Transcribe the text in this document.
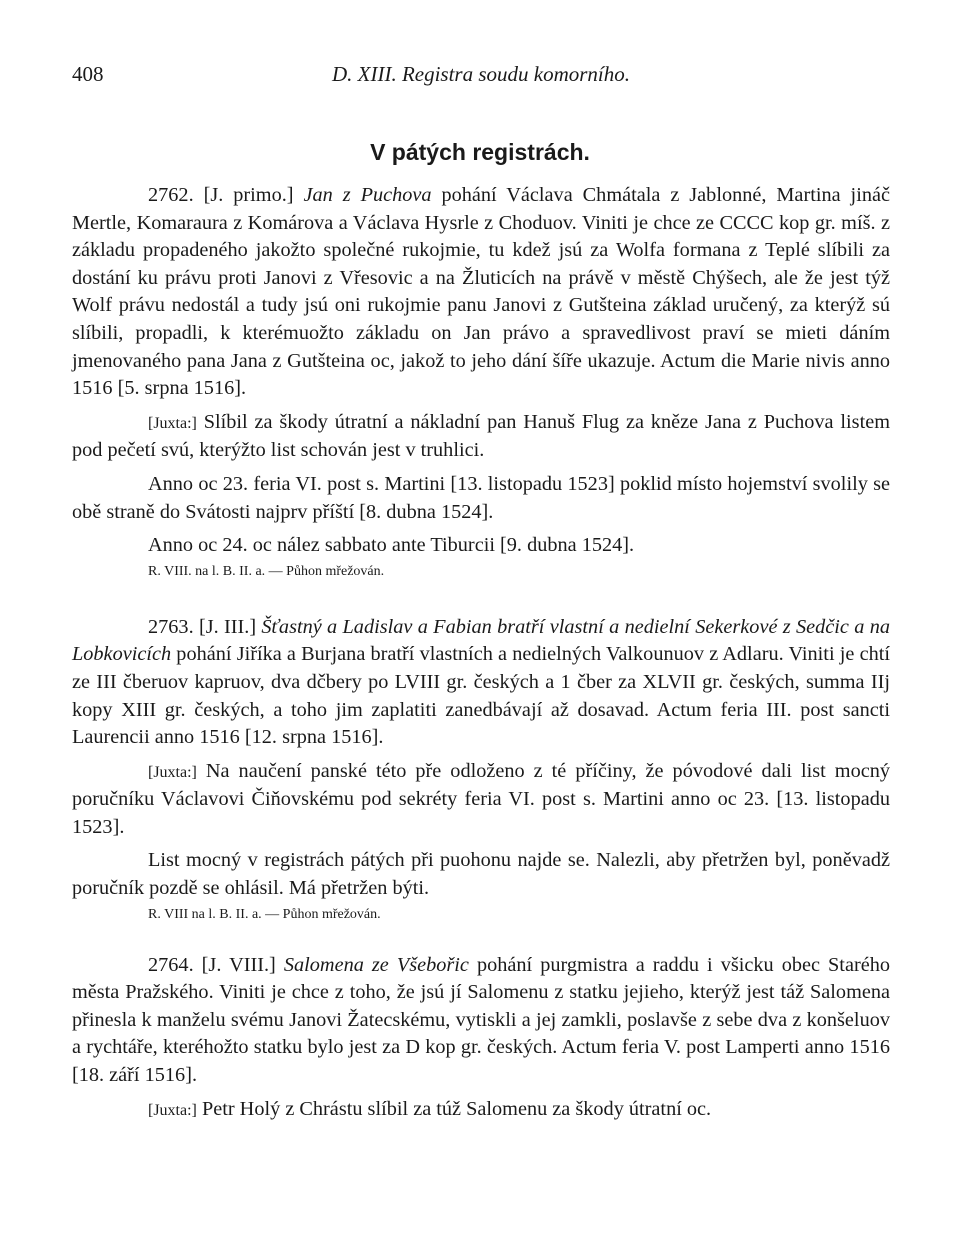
408	D. XIII. Registra soudu komorního.
V pátých registrách.

2762. [J. primo.] Jan z Puchova pohání Václava Chmátala z Jablonné, Martina jináč Mertle, Komaraura z Komárova a Václava Hysrle z Choduov. Viniti je chce ze CCCC kop gr. míš. z základu propadeného jakožto společné rukojmie, tu kdež jsú za Wolfa formana z Teplé slíbili za dostání ku právu proti Janovi z Vřesovic a na Žluticích na právě v městě Chýšech, ale že jest týž Wolf právu nedostál a tudy jsú oni rukojmie panu Janovi z Gutšteina základ uručený, za kterýž sú slíbili, propadli, k kterémuožto základu on Jan právo a spravedlivost praví se mieti dáním jmenovaného pana Jana z Gutšteina oc, jakož to jeho dání šíře ukazuje. Actum die Marie nivis anno 1516 [5. srpna 1516].

[Juxta:] Slíbil za škody útratní a nákladní pan Hanuš Flug za kněze Jana z Puchova listem pod pečetí svú, kterýžto list schován jest v truhlici.

Anno oc 23. feria VI. post s. Martini [13. listopadu 1523] poklid místo hojemství svolily se obě straně do Svátosti najprv příští [8. dubna 1524].

Anno oc 24. oc nález sabbato ante Tiburcii [9. dubna 1524].

R. VIII. na l. B. II. a. — Půhon mřežován.

2763. [J. III.] Šťastný a Ladislav a Fabian bratří vlastní a nedielní Sekerkové z Sedčic a na Lobkovicích pohání Jiříka a Burjana bratří vlastních a nedielných Valkounuov z Adlaru. Viniti je chtí ze III čberuov kapruov, dva dčbery po LVIII gr. českých a 1 čber za XLVII gr. českých, summa IIj kopy XIII gr. českých, a toho jim zaplatiti zanedbávají až dosavad. Actum feria III. post sancti Laurencii anno 1516 [12. srpna 1516].

[Juxta:] Na naučení panské této pře odloženo z té příčiny, že póvodové dali list mocný poručníku Václavovi Čiňovskému pod sekréty feria VI. post s. Martini anno oc 23. [13. listopadu 1523].

List mocný v registrách pátých při puohonu najde se. Nalezli, aby přetržen byl, poněvadž poručník pozdě se ohlásil. Má přetržen býti.

R. VIII na l. B. II. a. — Půhon mřežován.

2764. [J. VIII.] Salomena ze Všebořic pohání purgmistra a raddu i všicku obec Starého města Pražského. Viniti je chce z toho, že jsú jí Salomenu z statku jejieho, kterýž jest táž Salomena přinesla k manželu svému Janovi Žatecskému, vytiskli a jej zamkli, poslavše z sebe dva z konšeluov a rychtáře, kteréhožto statku bylo jest za D kop gr. českých. Actum feria V. post Lamperti anno 1516 [18. září 1516].

[Juxta:] Petr Holý z Chrástu slíbil za túž Salomenu za škody útratní oc.
